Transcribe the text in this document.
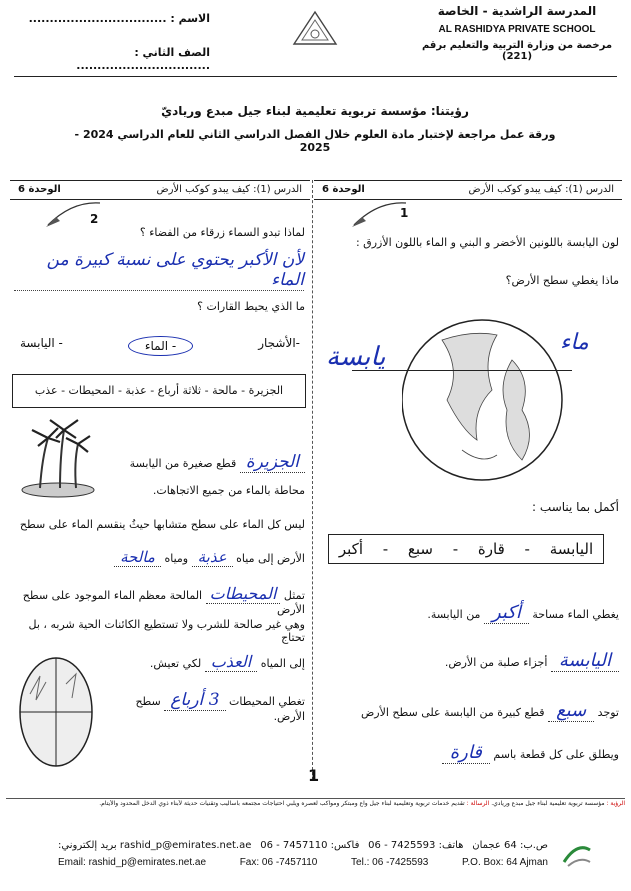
المدرسة الراشدية - الخاصة
AL RASHIDYA PRIVATE SCHOOL
مرخصة من وزارة التربية والتعليم برقم (221)
الاسم : .................................
الصف الثاني : ................................
رؤيتنا: مؤسسة تربوية تعليمية لبناء جيل مبدع ورياديّ
ورقة عمل مراجعة لإختبار مادة العلوم خلال الفصل الدراسي الثاني للعام الدراسي 2024 - 2025
الدرس (1): كيف يبدو كوكب الأرض
الوحدة 6
1
لون اليابسة باللونين الأخضر و البني و الماء باللون الأزرق :
ماذا يغطي سطح الأرض؟
يابسة	ماء
أكمل بما يناسب :
اليابسة
-
قارة
-
سبع
-
أكبر
يغطي الماء مساحة أكبر من اليابسة.
اليابسة أجزاء صلبة من الأرض.
توجد سبع قطع كبيرة من اليابسة على سطح الأرض
ويطلق على كل قطعة باسم قارة
الدرس (1): كيف يبدو كوكب الأرض
الوحدة 6
2
لماذا تبدو السماء زرقاء من الفضاء ؟
لأن الأكبر يحتوي على نسبة كبيرة من الماء
ما الذي يحيط القارات ؟
-الأشجار
- الماء
- اليابسة
الجزيرة - مالحة - ثلاثة أرباع - عذبة - المحيطات - عذب
الجزيرة قطع صغيرة من اليابسة
محاطة بالماء من جميع الاتجاهات.
ليس كل الماء على سطح متشابها حيثُ ينقسم الماء على سطح
الأرض إلى مياه عذبة ومياه مالحة
تمثل المحيطات المالحة معظم الماء الموجود على سطح الأرض
وهي غير صالحة للشرب ولا تستطيع الكائنات الحية شربه ، بل تحتاج
إلى المياه العذب لكي تعيش.
تغطي المحيطات 3 أرباع سطح الأرض.
1
الرؤية : مؤسسة تربوية تعليمية لبناء جيل مبدع وريادي. الرسالة : تقديم خدمات تربوية وتعليمية لبناء جيل واع ومبتكر ومواكب لعصره ويلبي احتياجات مجتمعه بأساليب وتقنيات حديثة لأبناء ذوي الدخل المحدود والأيتام.
ص.ب: 64 عجمان
هاتف: 7425593 - 06
فاكس: 7457110 - 06
rashid_p@emirates.net.ae بريد إلكتروني:
P.O. Box: 64 Ajman
Tel.: 06 -7425593
Fax: 06 -7457110
Email: rashid_p@emirates.net.ae
